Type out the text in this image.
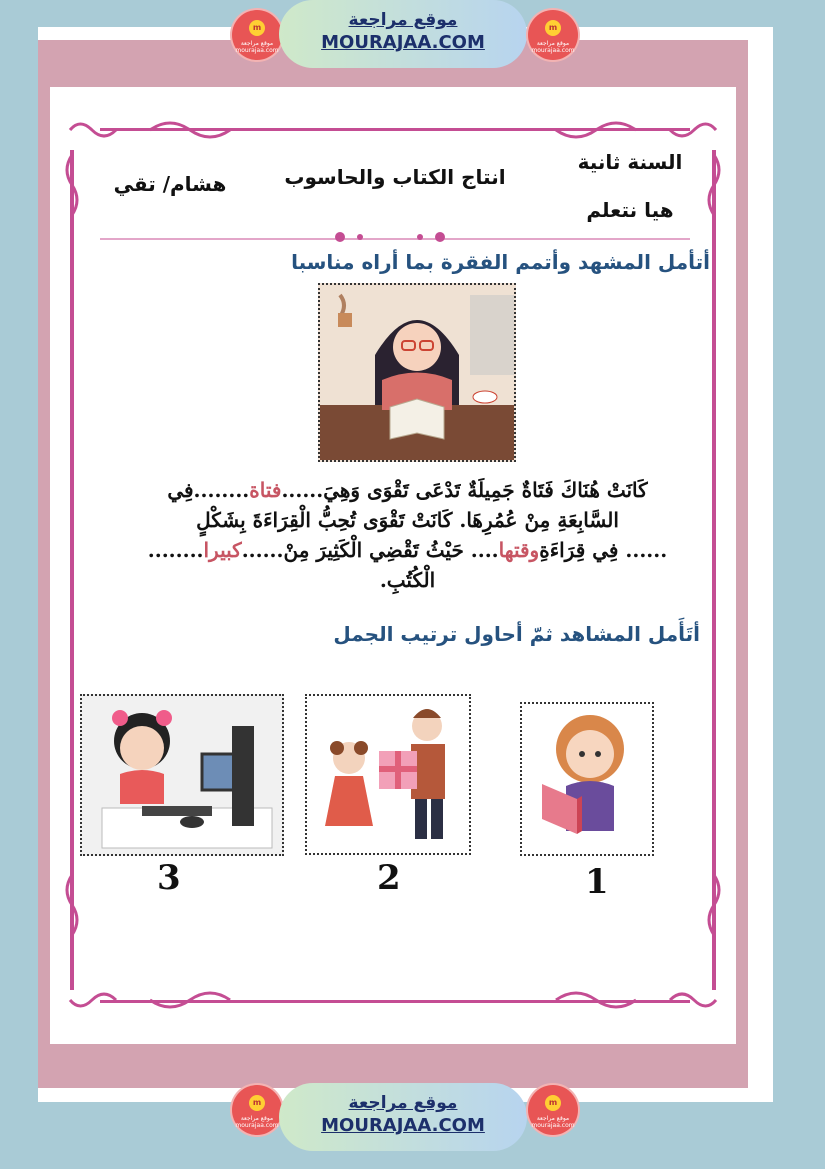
m
موقع مراجعة
mourajaa.com
موقع مراجعة
MOURAJAA.COM
m
موقع مراجعة
mourajaa.com
السنة ثانية
هيا نتعلم
انتاج الكتاب والحاسوب
هشام/ تقي
أتأمل المشهد وأتمم الفقرة بما أراه مناسبا
كَانَتْ هُنَاكَ فَتَاةٌ جَمِيلَةٌ تَدْعَى تَقْوَى وَهِيَ......فتاة........فِي
السَّابِعَةِ مِنْ عُمُرِهَا. كَانَتْ تَقْوَى تُحِبُّ الْقِرَاءَةَ بِشَكْلٍ
...... فِي قِرَاءَةِوقتها.... حَيْثُ تَقْضِي الْكَثِيرَ مِنْ......كبيرا........
الْكُتُبِ.
أتَأَمل المشاهد ثمّ أحاول ترتيب الجمل
1
2
3
m
موقع مراجعة
mourajaa.com
موقع مراجعة
MOURAJAA.COM
m
موقع مراجعة
mourajaa.com
